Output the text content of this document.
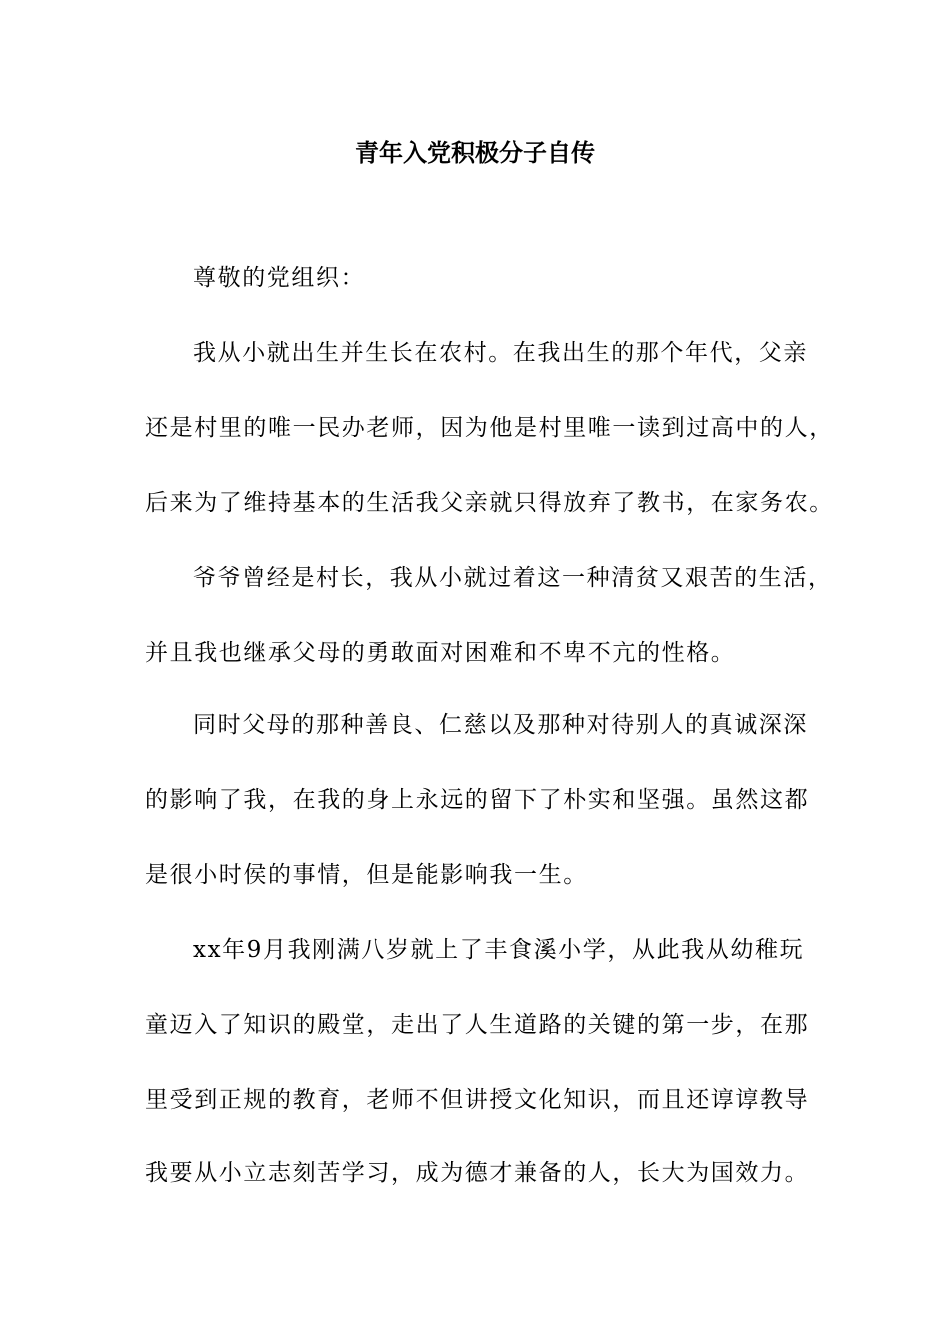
青年入党积极分子自传
尊敬的党组织：
我从小就出生并生长在农村。在我出生的那个年代，父亲
还是村里的唯一民办老师，因为他是村里唯一读到过高中的人，
后来为了维持基本的生活我父亲就只得放弃了教书，在家务农。
爷爷曾经是村长，我从小就过着这一种清贫又艰苦的生活，
并且我也继承父母的勇敢面对困难和不卑不亢的性格。
同时父母的那种善良、仁慈以及那种对待别人的真诚深深
的影响了我，在我的身上永远的留下了朴实和坚强。虽然这都
是很小时侯的事情，但是能影响我一生。
xx年9月我刚满八岁就上了丰食溪小学，从此我从幼稚玩
童迈入了知识的殿堂，走出了人生道路的关键的第一步，在那
里受到正规的教育，老师不但讲授文化知识，而且还谆谆教导
我要从小立志刻苦学习，成为德才兼备的人，长大为国效力。
